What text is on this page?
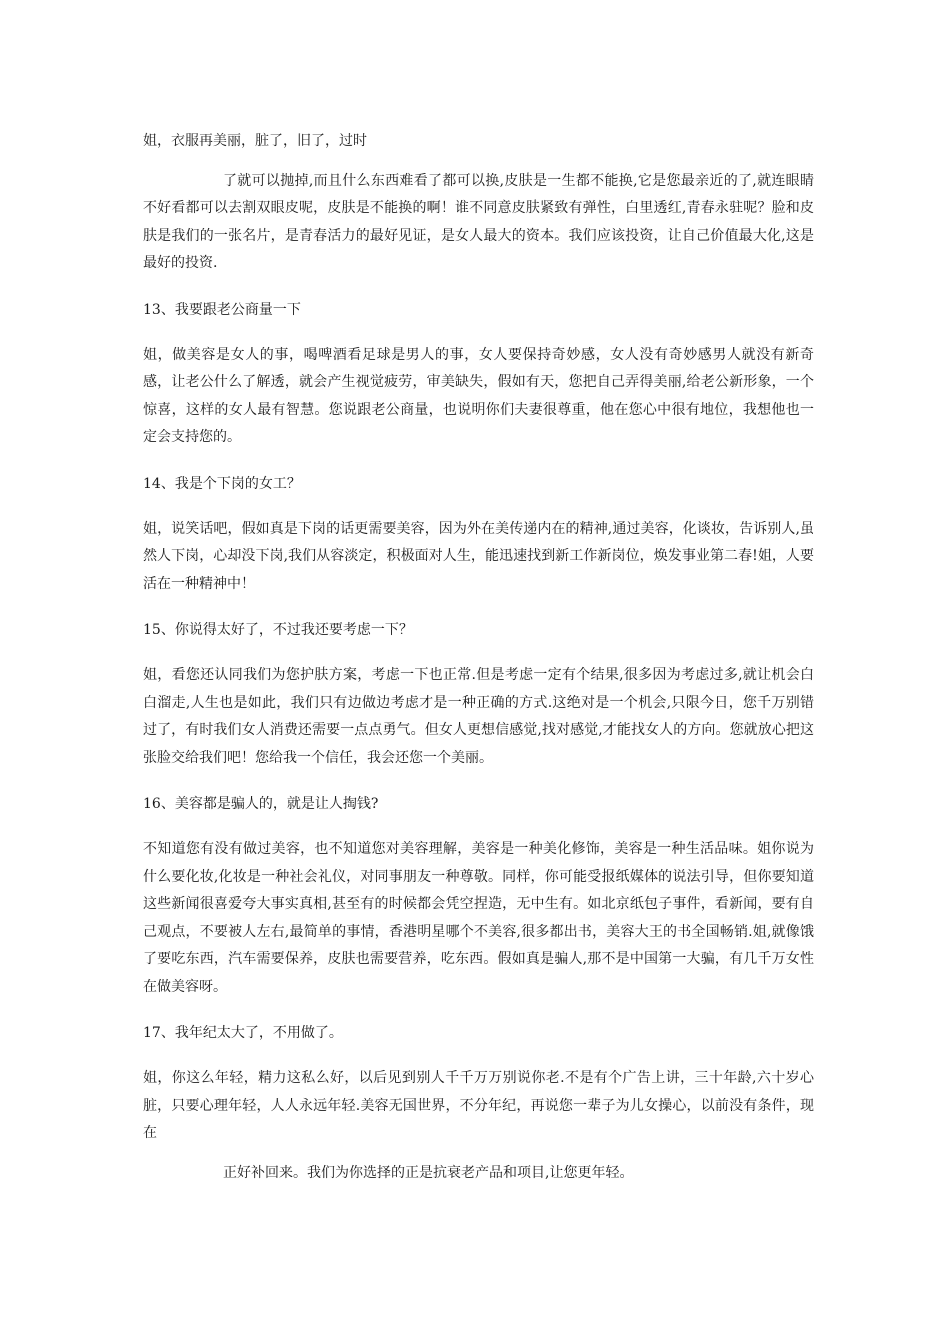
姐，衣服再美丽，脏了，旧了，过时

了就可以抛掉,而且什么东西难看了都可以换,皮肤是一生都不能换,它是您最亲近的了,就连眼睛不好看都可以去割双眼皮呢，皮肤是不能换的啊！谁不同意皮肤紧致有弹性，白里透红,青春永驻呢？脸和皮肤是我们的一张名片，是青春活力的最好见证，是女人最大的资本。我们应该投资，让自己价值最大化,这是最好的投资.

13、我要跟老公商量一下

姐，做美容是女人的事，喝啤酒看足球是男人的事，女人要保持奇妙感，女人没有奇妙感男人就没有新奇感，让老公什么了解透，就会产生视觉疲劳，审美缺失，假如有天，您把自己弄得美丽,给老公新形象，一个惊喜，这样的女人最有智慧。您说跟老公商量，也说明你们夫妻很尊重，他在您心中很有地位，我想他也一定会支持您的。

14、我是个下岗的女工？

姐，说笑话吧，假如真是下岗的话更需要美容，因为外在美传递内在的精神,通过美容，化谈妆，告诉别人,虽然人下岗，心却没下岗,我们从容淡定，积极面对人生，能迅速找到新工作新岗位，焕发事业第二春!姐，人要活在一种精神中！

15、你说得太好了，不过我还要考虑一下？

姐，看您还认同我们为您护肤方案，考虑一下也正常.但是考虑一定有个结果,很多因为考虑过多,就让机会白白溜走,人生也是如此，我们只有边做边考虑才是一种正确的方式.这绝对是一个机会,只限今日，您千万别错过了，有时我们女人消费还需要一点点勇气。但女人更想信感觉,找对感觉,才能找女人的方向。您就放心把这张脸交给我们吧！您给我一个信任，我会还您一个美丽。

16、美容都是骗人的，就是让人掏钱?

不知道您有没有做过美容，也不知道您对美容理解，美容是一种美化修饰，美容是一种生活品味。姐你说为什么要化妆,化妆是一种社会礼仪，对同事朋友一种尊敬。同样，你可能受报纸媒体的说法引导，但你要知道这些新闻很喜爱夸大事实真相,甚至有的时候都会凭空捏造，无中生有。如北京纸包子事件，看新闻，要有自己观点，不要被人左右,最简单的事情，香港明星哪个不美容,很多都出书，美容大王的书全国畅销.姐,就像饿了要吃东西，汽车需要保养，皮肤也需要营养，吃东西。假如真是骗人,那不是中国第一大骗，有几千万女性在做美容呀。

17、我年纪太大了，不用做了。

姐，你这么年轻，精力这私么好，以后见到别人千千万万别说你老.不是有个广告上讲，三十年龄,六十岁心脏，只要心理年轻，人人永远年轻.美容无国世界，不分年纪，再说您一辈子为儿女操心，以前没有条件，现在

正好补回来。我们为你选择的正是抗衰老产品和项目,让您更年轻。
